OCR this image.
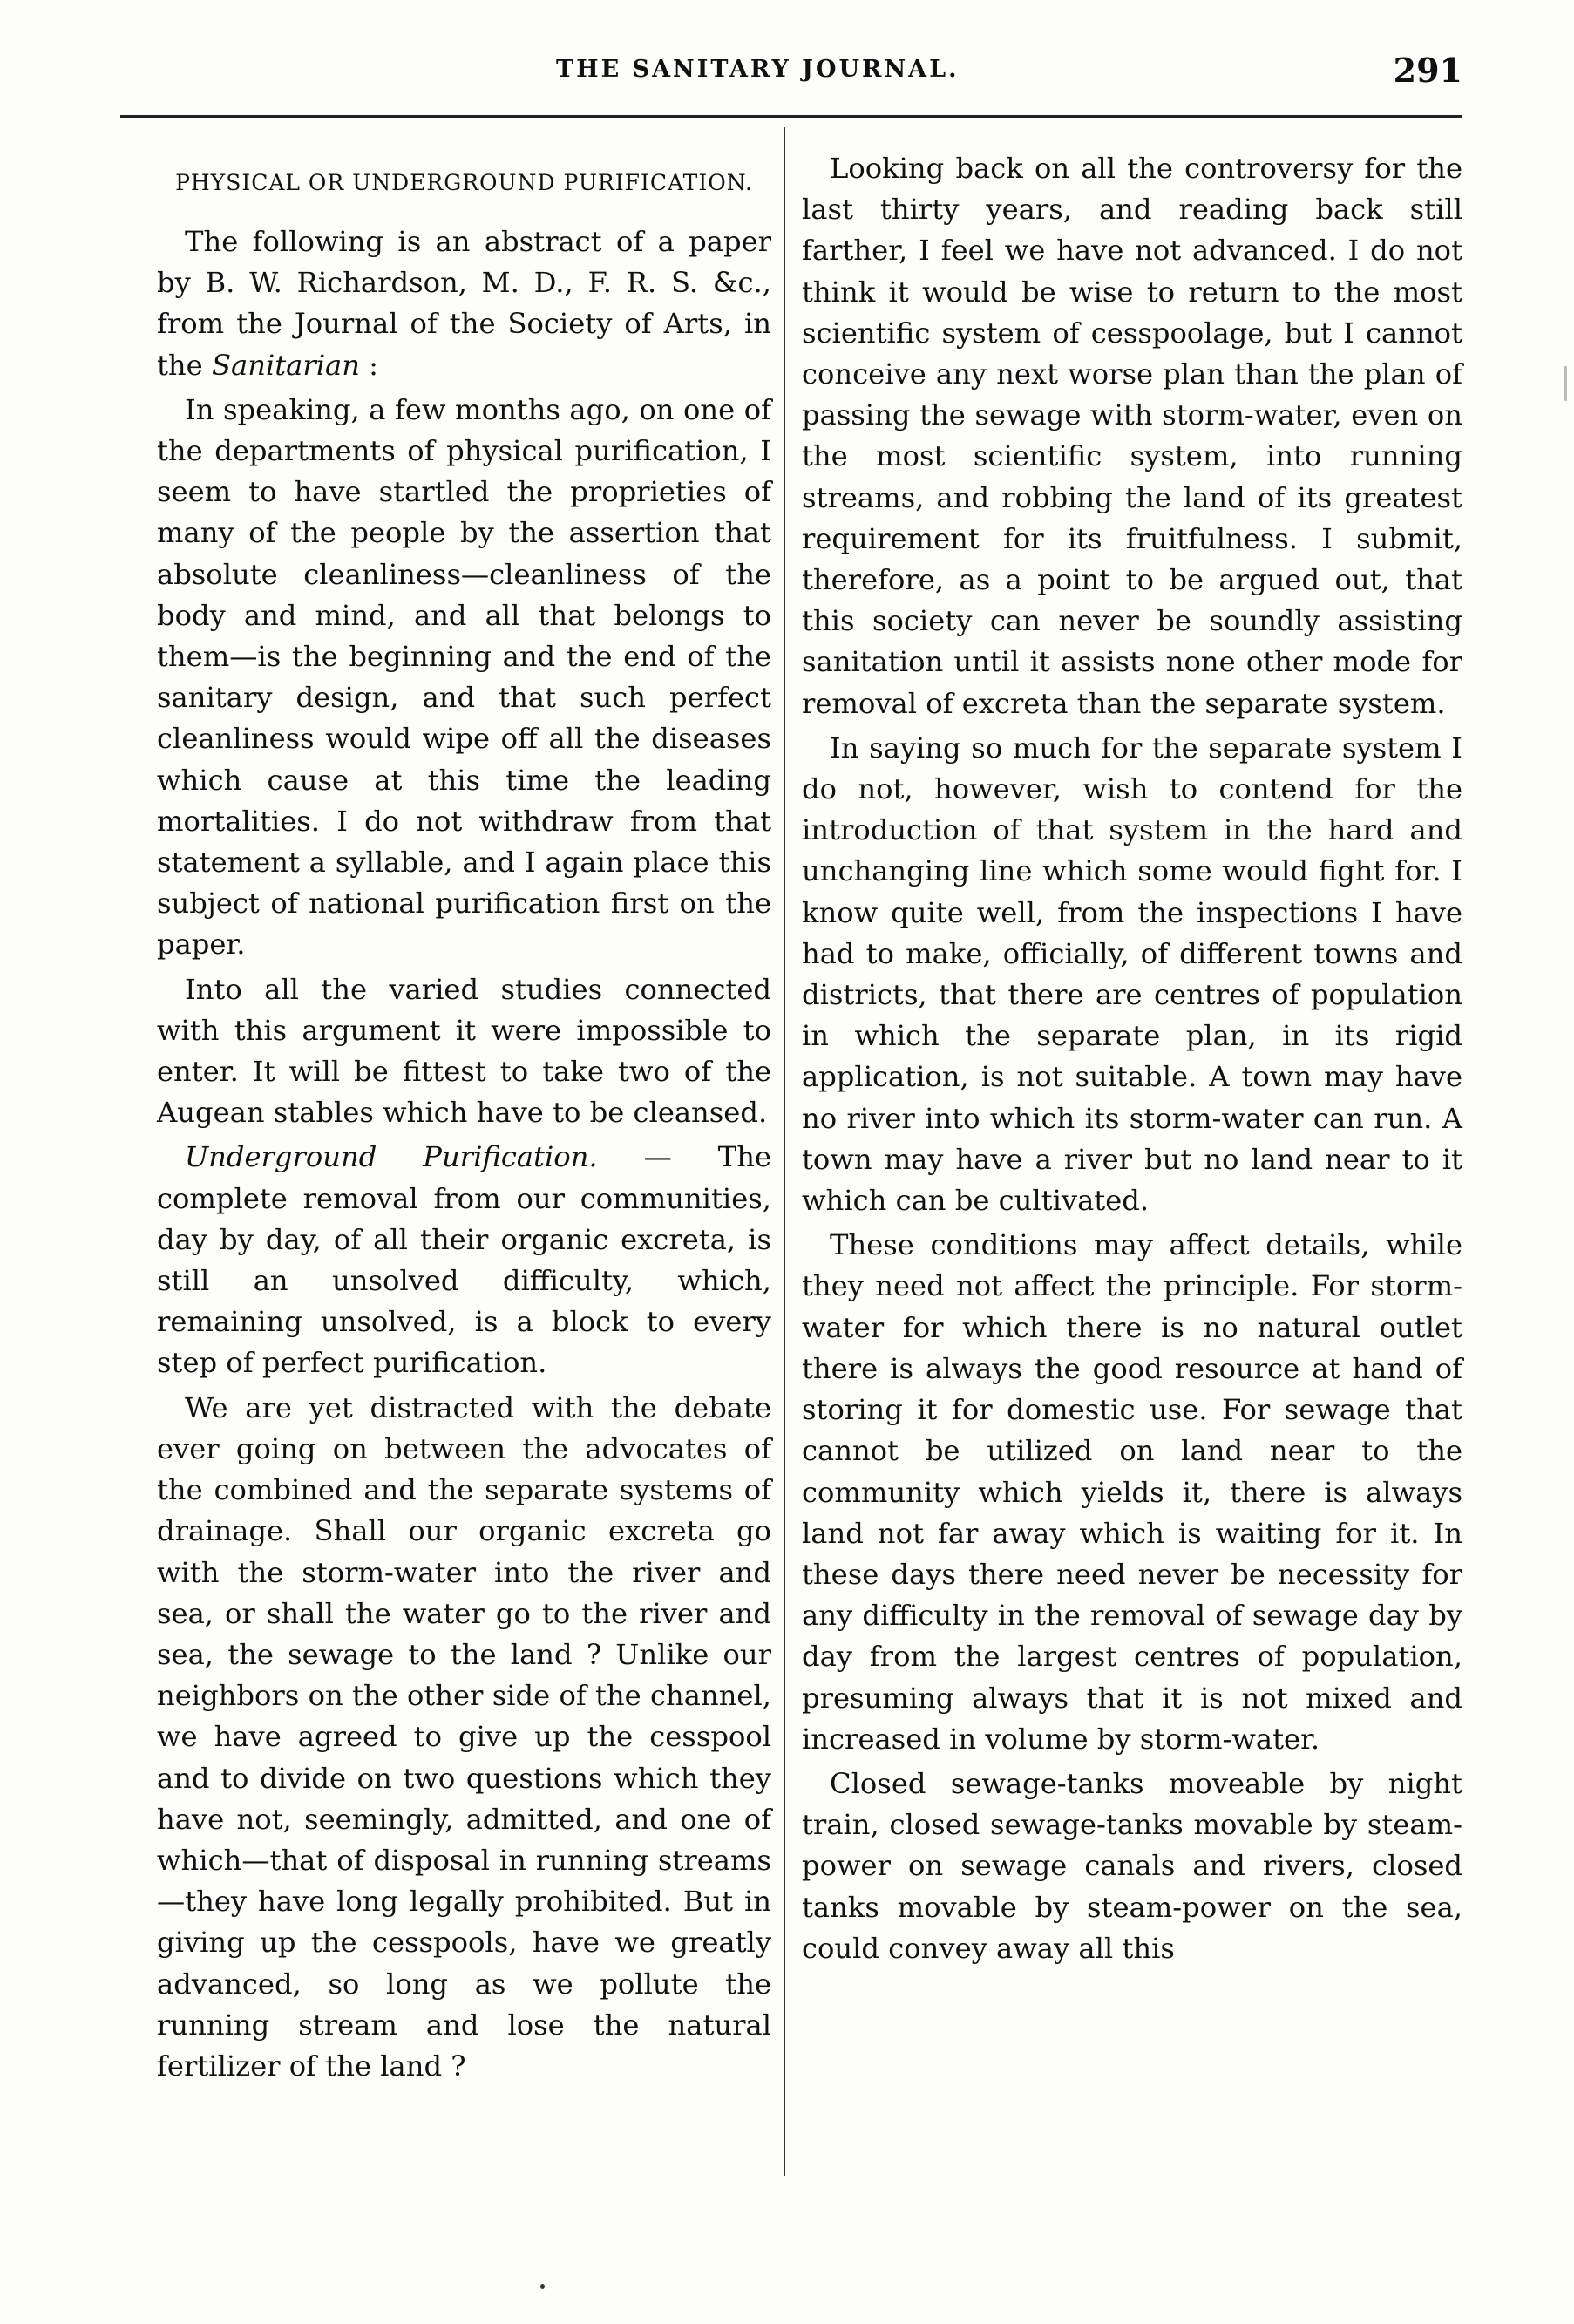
THE SANITARY JOURNAL.	291
PHYSICAL OR UNDERGROUND PURIFICATION.

The following is an abstract of a paper by B. W. Richardson, M. D., F. R. S. &c., from the Journal of the Society of Arts, in the Sanitarian :

In speaking, a few months ago, on one of the departments of physical purification, I seem to have startled the proprieties of many of the people by the assertion that absolute cleanliness—cleanliness of the body and mind, and all that belongs to them—is the beginning and the end of the sanitary design, and that such perfect cleanliness would wipe off all the diseases which cause at this time the leading mortalities. I do not withdraw from that statement a syllable, and I again place this subject of national purification first on the paper.

Into all the varied studies connected with this argument it were impossible to enter. It will be fittest to take two of the Augean stables which have to be cleansed.

Underground Purification. — The complete removal from our communities, day by day, of all their organic excreta, is still an unsolved difficulty, which, remaining unsolved, is a block to every step of perfect purification.

We are yet distracted with the debate ever going on between the advocates of the combined and the separate systems of drainage. Shall our organic excreta go with the storm-water into the river and sea, or shall the water go to the river and sea, the sewage to the land ? Unlike our neighbors on the other side of the channel, we have agreed to give up the cesspool and to divide on two questions which they have not, seemingly, admitted, and one of which—that of disposal in running streams—they have long legally prohibited. But in giving up the cesspools, have we greatly advanced, so long as we pollute the running stream and lose the natural fertilizer of the land ?

Looking back on all the controversy for the last thirty years, and reading back still farther, I feel we have not advanced. I do not think it would be wise to return to the most scientific system of cesspoolage, but I cannot conceive any next worse plan than the plan of passing the sewage with storm-water, even on the most scientific system, into running streams, and robbing the land of its greatest requirement for its fruitfulness. I submit, therefore, as a point to be argued out, that this society can never be soundly assisting sanitation until it assists none other mode for removal of excreta than the separate system.

In saying so much for the separate system I do not, however, wish to contend for the introduction of that system in the hard and unchanging line which some would fight for. I know quite well, from the inspections I have had to make, officially, of different towns and districts, that there are centres of population in which the separate plan, in its rigid application, is not suitable. A town may have no river into which its storm-water can run. A town may have a river but no land near to it which can be cultivated.

These conditions may affect details, while they need not affect the principle. For storm-water for which there is no natural outlet there is always the good resource at hand of storing it for domestic use. For sewage that cannot be utilized on land near to the community which yields it, there is always land not far away which is waiting for it. In these days there need never be necessity for any difficulty in the removal of sewage day by day from the largest centres of population, presuming always that it is not mixed and increased in volume by storm-water.

Closed sewage-tanks moveable by night train, closed sewage-tanks movable by steam-power on sewage canals and rivers, closed tanks movable by steam-power on the sea, could convey away all this
